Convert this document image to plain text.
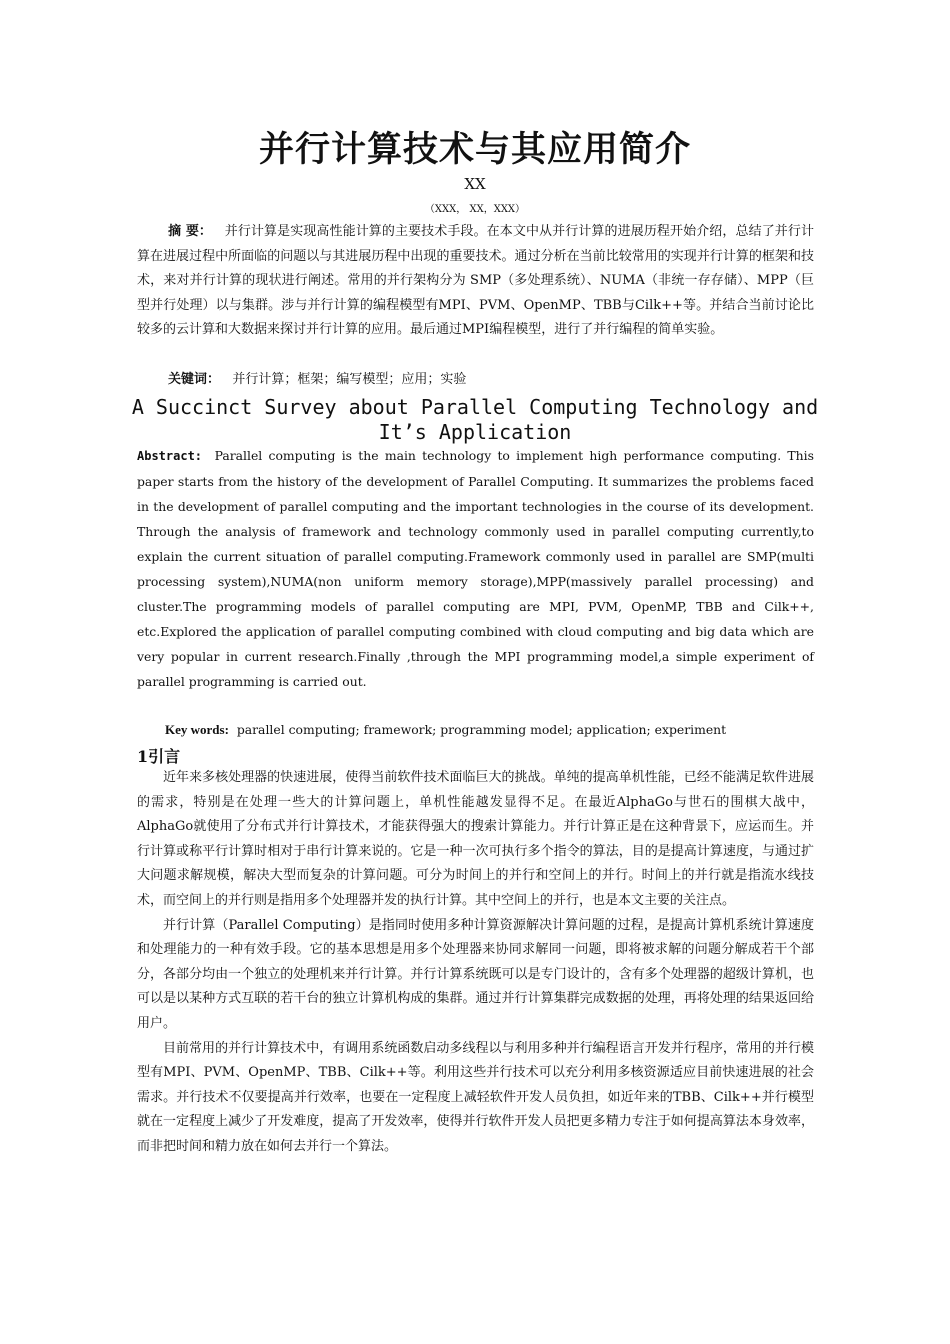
并行计算技术与其应用简介
XX
（XXX， XX，XXX）
摘 要： 并行计算是实现高性能计算的主要技术手段。在本文中从并行计算的进展历程开始介绍，总结了并行计算在进展过程中所面临的问题以与其进展历程中出现的重要技术。通过分析在当前比较常用的实现并行计算的框架和技术，来对并行计算的现状进行阐述。常用的并行架构分为 SMP（多处理系统）、NUMA（非统一存存储）、MPP（巨型并行处理）以与集群。涉与并行计算的编程模型有MPI、PVM、OpenMP、TBB与Cilk++等。并结合当前讨论比较多的云计算和大数据来探讨并行计算的应用。最后通过MPI编程模型，进行了并行编程的简单实验。
关键词： 并行计算；框架；编写模型；应用；实验
A Succinct Survey about Parallel Computing Technology and
It’s Application
Abstract: Parallel computing is the main technology to implement high performance computing. This paper starts from the history of the development of Parallel Computing. It summarizes the problems faced in the development of parallel computing and the important technologies in the course of its development. Through the analysis of framework and technology commonly used in parallel computing currently,to explain the current situation of parallel computing.Framework commonly used in parallel are SMP(multi processing system),NUMA(non uniform memory storage),MPP(massively parallel processing) and cluster.The programming models of parallel computing are MPI, PVM, OpenMP, TBB and Cilk++, etc.Explored the application of parallel computing combined with cloud computing and big data which are very popular in current research.Finally ,through the MPI programming model,a simple experiment of parallel programming is carried out.
Key words: parallel computing; framework; programming model; application; experiment
1引言
近年来多核处理器的快速进展，使得当前软件技术面临巨大的挑战。单纯的提高单机性能，已经不能满足软件进展的需求，特别是在处理一些大的计算问题上，单机性能越发显得不足。在最近AlphaGo与世石的围棋大战中，AlphaGo就使用了分布式并行计算技术，才能获得强大的搜索计算能力。并行计算正是在这种背景下，应运而生。并行计算或称平行计算时相对于串行计算来说的。它是一种一次可执行多个指令的算法，目的是提高计算速度，与通过扩大问题求解规模，解决大型而复杂的计算问题。可分为时间上的并行和空间上的并行。时间上的并行就是指流水线技术，而空间上的并行则是指用多个处理器并发的执行计算。其中空间上的并行，也是本文主要的关注点。
并行计算（Parallel Computing）是指同时使用多种计算资源解决计算问题的过程，是提高计算机系统计算速度和处理能力的一种有效手段。它的基本思想是用多个处理器来协同求解同一问题，即将被求解的问题分解成若干个部分，各部分均由一个独立的处理机来并行计算。并行计算系统既可以是专门设计的，含有多个处理器的超级计算机，也可以是以某种方式互联的若干台的独立计算机构成的集群。通过并行计算集群完成数据的处理，再将处理的结果返回给用户。
目前常用的并行计算技术中，有调用系统函数启动多线程以与利用多种并行编程语言开发并行程序，常用的并行模型有MPI、PVM、OpenMP、TBB、Cilk++等。利用这些并行技术可以充分利用多核资源适应目前快速进展的社会需求。并行技术不仅要提高并行效率，也要在一定程度上减轻软件开发人员负担，如近年来的TBB、Cilk++并行模型就在一定程度上减少了开发难度，提高了开发效率，使得并行软件开发人员把更多精力专注于如何提高算法本身效率，而非把时间和精力放在如何去并行一个算法。
